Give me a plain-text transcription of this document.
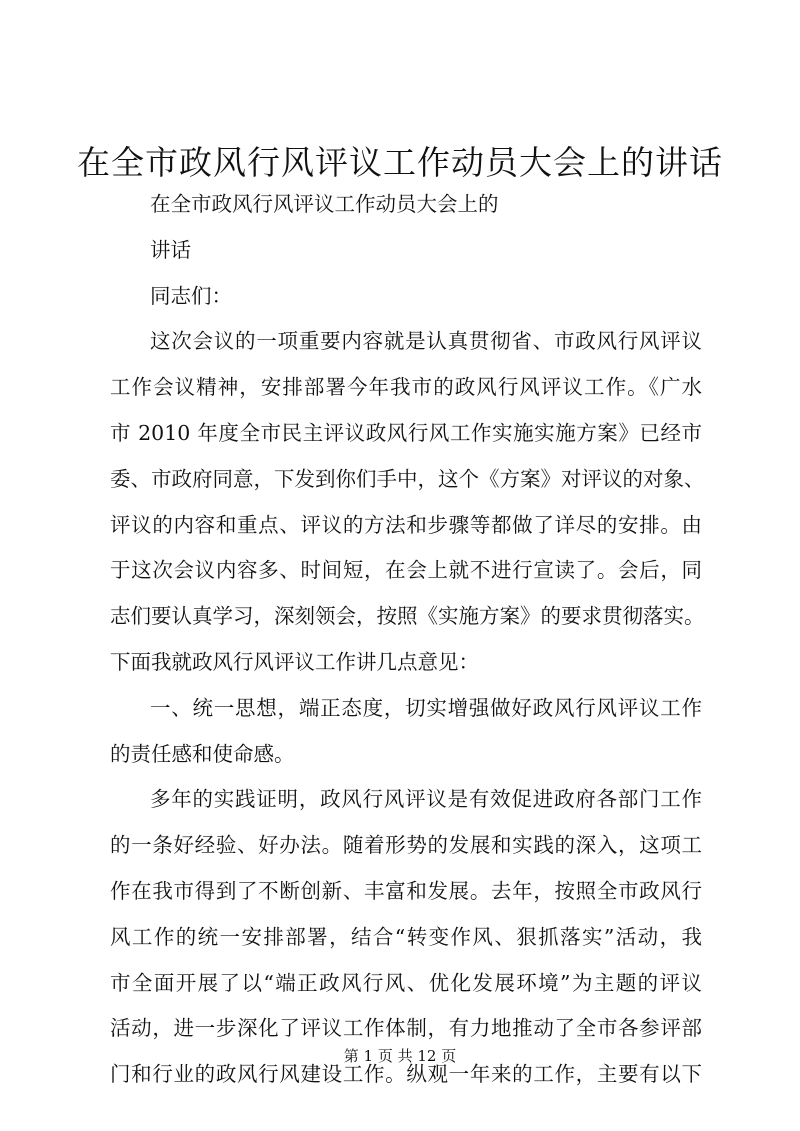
在全市政风行风评议工作动员大会上的讲话
在全市政风行风评议工作动员大会上的
讲话
同志们：
这次会议的一项重要内容就是认真贯彻省、市政风行风评议
工作会议精神，安排部署今年我市的政风行风评议工作。《广水
市 2010 年度全市民主评议政风行风工作实施实施方案》已经市
委、市政府同意，下发到你们手中，这个《方案》对评议的对象、
评议的内容和重点、评议的方法和步骤等都做了详尽的安排。由
于这次会议内容多、时间短，在会上就不进行宣读了。会后，同
志们要认真学习，深刻领会，按照《实施方案》的要求贯彻落实。
下面我就政风行风评议工作讲几点意见：
一、统一思想，端正态度，切实增强做好政风行风评议工作
的责任感和使命感。
多年的实践证明，政风行风评议是有效促进政府各部门工作
的一条好经验、好办法。随着形势的发展和实践的深入，这项工
作在我市得到了不断创新、丰富和发展。去年，按照全市政风行
风工作的统一安排部署，结合“转变作风、狠抓落实”活动，我
市全面开展了以“端正政风行风、优化发展环境”为主题的评议
活动，进一步深化了评议工作体制，有力地推动了全市各参评部
门和行业的政风行风建设工作。纵观一年来的工作，主要有以下
第 1 页 共 12 页
